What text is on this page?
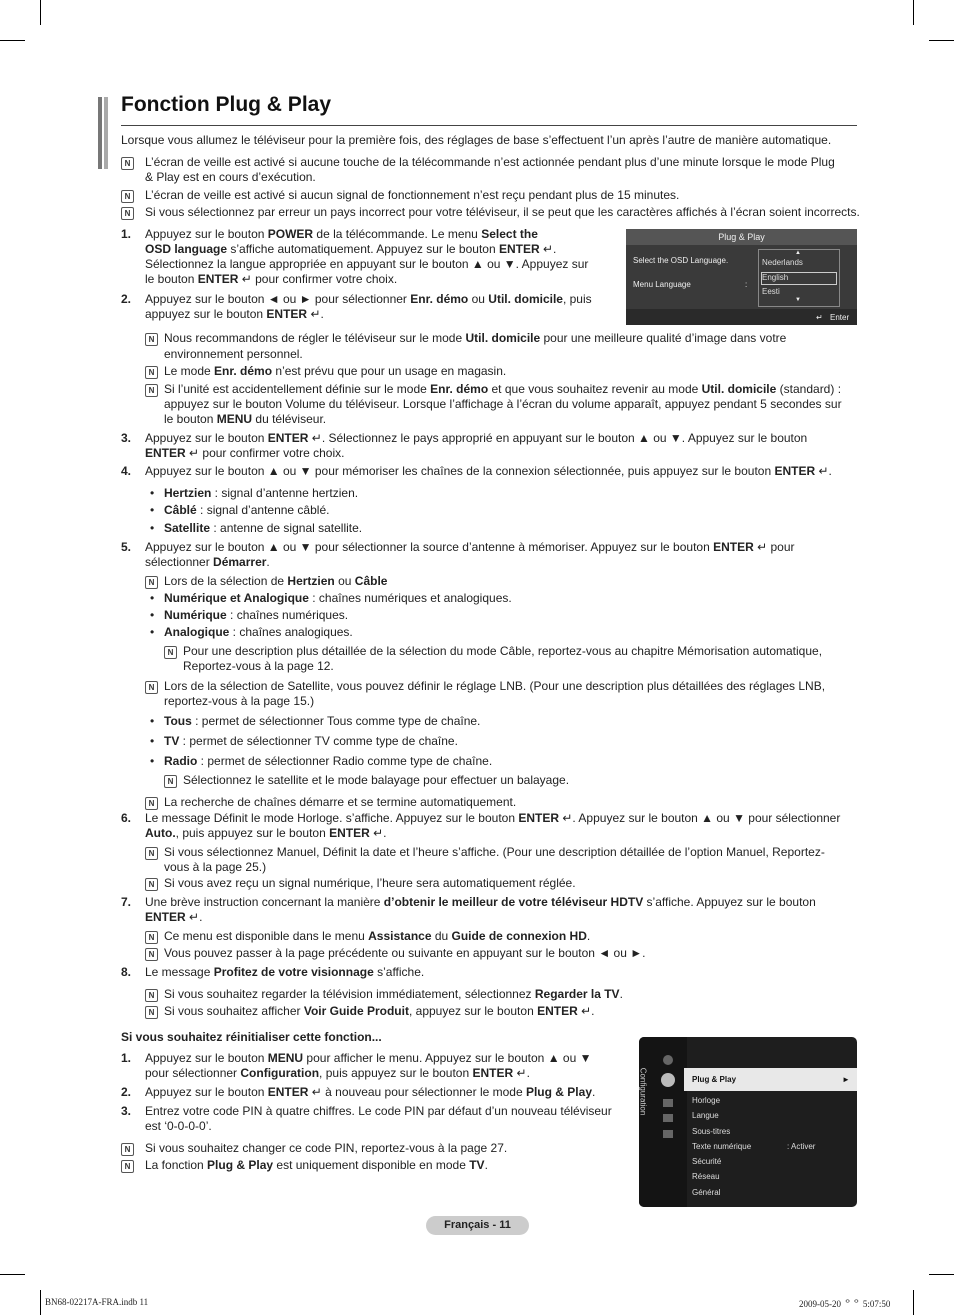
Fonction Plug & Play
Lorsque vous allumez le téléviseur pour la première fois, des réglages de base s’effectuent l’un après l’autre de manière automatique.
N	L’écran de veille est activé si aucune touche de la télécommande n’est actionnée pendant plus d’une minute lorsque le mode Plug
& Play est en cours d’exécution.
N	L’écran de veille est activé si aucun signal de fonctionnement n’est reçu pendant plus de 15 minutes.
N	Si vous sélectionnez par erreur un pays incorrect pour votre téléviseur, il se peut que les caractères affichés à l’écran soient incorrects.
1. Appuyez sur le bouton POWER de la télécommande. Le menu Select the
OSD language s’affiche automatiquement. Appuyez sur le bouton ENTER ↵.
Sélectionnez la langue appropriée en appuyant sur le bouton ▲ ou ▼. Appuyez sur
le bouton ENTER ↵ pour confirmer votre choix.
Plug & Play
Select the OSD Language.
Menu Language	:
▲
Nederlands
English
Eesti
▼
↵ Enter
2. Appuyez sur le bouton ◄ ou ► pour sélectionner Enr. démo ou Util. domicile, puis
appuyez sur le bouton ENTER ↵.
N Nous recommandons de régler le téléviseur sur le mode Util. domicile pour une meilleure qualité d’image dans votre
environnement personnel.
N Le mode Enr. démo n’est prévu que pour un usage en magasin.
N Si l’unité est accidentellement définie sur le mode Enr. démo et que vous souhaitez revenir au mode Util. domicile (standard) :
appuyez sur le bouton Volume du téléviseur. Lorsque l’affichage à l’écran du volume apparaît, appuyez pendant 5 secondes sur
le bouton MENU du téléviseur.
3. Appuyez sur le bouton ENTER ↵. Sélectionnez le pays approprié en appuyant sur le bouton ▲ ou ▼. Appuyez sur le bouton
ENTER ↵ pour confirmer votre choix.
4. Appuyez sur le bouton ▲ ou ▼ pour mémoriser les chaînes de la connexion sélectionnée, puis appuyez sur le bouton ENTER ↵.
• Hertzien : signal d’antenne hertzien.
• Câblé : signal d’antenne câblé.
• Satellite : antenne de signal satellite.
5. Appuyez sur le bouton ▲ ou ▼ pour sélectionner la source d’antenne à mémoriser. Appuyez sur le bouton ENTER ↵ pour
sélectionner Démarrer.
N Lors de la sélection de Hertzien ou Câble
• Numérique et Analogique : chaînes numériques et analogiques.
• Numérique : chaînes numériques.
• Analogique : chaînes analogiques.
N Pour une description plus détaillée de la sélection du mode Câble, reportez-vous au chapitre Mémorisation automatique,
Reportez-vous à la page 12.
N Lors de la sélection de Satellite, vous pouvez définir le réglage LNB. (Pour une description plus détaillées des réglages LNB,
reportez-vous à la page 15.)
• Tous : permet de sélectionner Tous comme type de chaîne.
• TV : permet de sélectionner TV comme type de chaîne.
• Radio : permet de sélectionner Radio comme type de chaîne.
N Sélectionnez le satellite et le mode balayage pour effectuer un balayage.
N La recherche de chaînes démarre et se termine automatiquement.
6. Le message Définit le mode Horloge. s’affiche. Appuyez sur le bouton ENTER ↵. Appuyez sur le bouton ▲ ou ▼ pour sélectionner
Auto., puis appuyez sur le bouton ENTER ↵.
N Si vous sélectionnez Manuel, Définit la date et l’heure s’affiche. (Pour une description détaillée de l’option Manuel, Reportez-
vous à la page 25.)
N Si vous avez reçu un signal numérique, l’heure sera automatiquement réglée.
7. Une brève instruction concernant la manière d’obtenir le meilleur de votre téléviseur HDTV s’affiche. Appuyez sur le bouton
ENTER ↵.
N Ce menu est disponible dans le menu Assistance du Guide de connexion HD.
N Vous pouvez passer à la page précédente ou suivante en appuyant sur le bouton ◄ ou ►.
8. Le message Profitez de votre visionnage s’affiche.
N Si vous souhaitez regarder la télévision immédiatement, sélectionnez Regarder la TV.
N Si vous souhaitez afficher Voir Guide Produit, appuyez sur le bouton ENTER ↵.
Si vous souhaitez réinitialiser cette fonction...
1. Appuyez sur le bouton MENU pour afficher le menu. Appuyez sur le bouton ▲ ou ▼
pour sélectionner Configuration, puis appuyez sur le bouton ENTER ↵.
2. Appuyez sur le bouton ENTER ↵ à nouveau pour sélectionner le mode Plug & Play.
3. Entrez votre code PIN à quatre chiffres. Le code PIN par défaut d’un nouveau téléviseur
est ‘0-0-0-0’.
N	Si vous souhaitez changer ce code PIN, reportez-vous à la page 27.
N	La fonction Plug & Play est uniquement disponible en mode TV.
Configuration	Plug & Play	►
Horloge
Langue
Sous-titres
Texte numérique	: Activer
Sécurité
Réseau
Général
Français - 11
BN68-02217A-FRA.indb 11	2009-05-20 ᄋᄋ 5:07:50
